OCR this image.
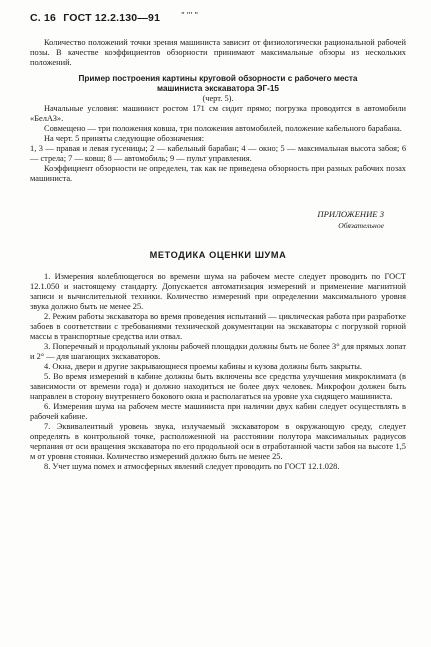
С. 16 ГОСТ 12.2.130—91	" ''' "

Количество положений точки зрения машиниста зависит от физиологически рациональной рабочей позы. В качестве коэффициентов обзорности принимают максимальные обзоры из нескольких положений.

Пример построения картины круговой обзорности с рабочего места

машиниста экскаватора ЭГ-15

(черт. 5).

Начальные условия: машинист ростом 171 см сидит прямо; погрузка проводится в автомобили «БелАЗ».

Совмещено — три положения ковша, три положения автомобилей, положение кабельного барабана.

На черт. 5 приняты следующие обозначения:

1, 3 — правая и левая гусеницы; 2 — кабельный барабан; 4 — окно; 5 — максимальная высота забоя; 6 — стрела; 7 — ковш; 8 — автомобиль; 9 — пульт управления.

Коэффициент обзорности не определен, так как не приведена обзорность при разных рабочих позах машиниста.

ПРИЛОЖЕНИЕ 3
Обязательное

МЕТОДИКА ОЦЕНКИ ШУМА

1. Измерения колеблющегося во времени шума на рабочем месте следует проводить по ГОСТ 12.1.050 и настоящему стандарту. Допускается автоматизация измерений и применение магнитной записи и вычислительной техники. Количество измерений при определении максимального уровня звука должно быть не менее 25.

2. Режим работы экскаватора во время проведения испытаний — циклическая работа при разработке забоев в соответствии с требованиями технической документации на экскаваторы с погрузкой горной массы в транспортные средства или отвал.

3. Поперечный и продольный уклоны рабочей площадки должны быть не более 3° для прямых лопат и 2° — для шагающих экскаваторов.

4. Окна, двери и другие закрывающиеся проемы кабины и кузова должны быть закрыты.

5. Во время измерений в кабине должны быть включены все средства улучшения микроклимата (в зависимости от времени года) и должно находиться не более двух человек. Микрофон должен быть направлен в сторону внутреннего бокового окна и располагаться на уровне уха сидящего машиниста.

6. Измерения шума на рабочем месте машиниста при наличии двух кабин следует осуществлять в рабочей кабине.

7. Эквивалентный уровень звука, излучаемый экскаватором в окружающую среду, следует определять в контрольной точке, расположенной на расстоянии полутора максимальных радиусов черпания от оси вращения экскаватора по его продольной оси в отработанной части забоя на высоте 1,5 м от уровня стоянки. Количество измерений должно быть не менее 25.

8. Учет шума помех и атмосферных явлений следует проводить по ГОСТ 12.1.028.
